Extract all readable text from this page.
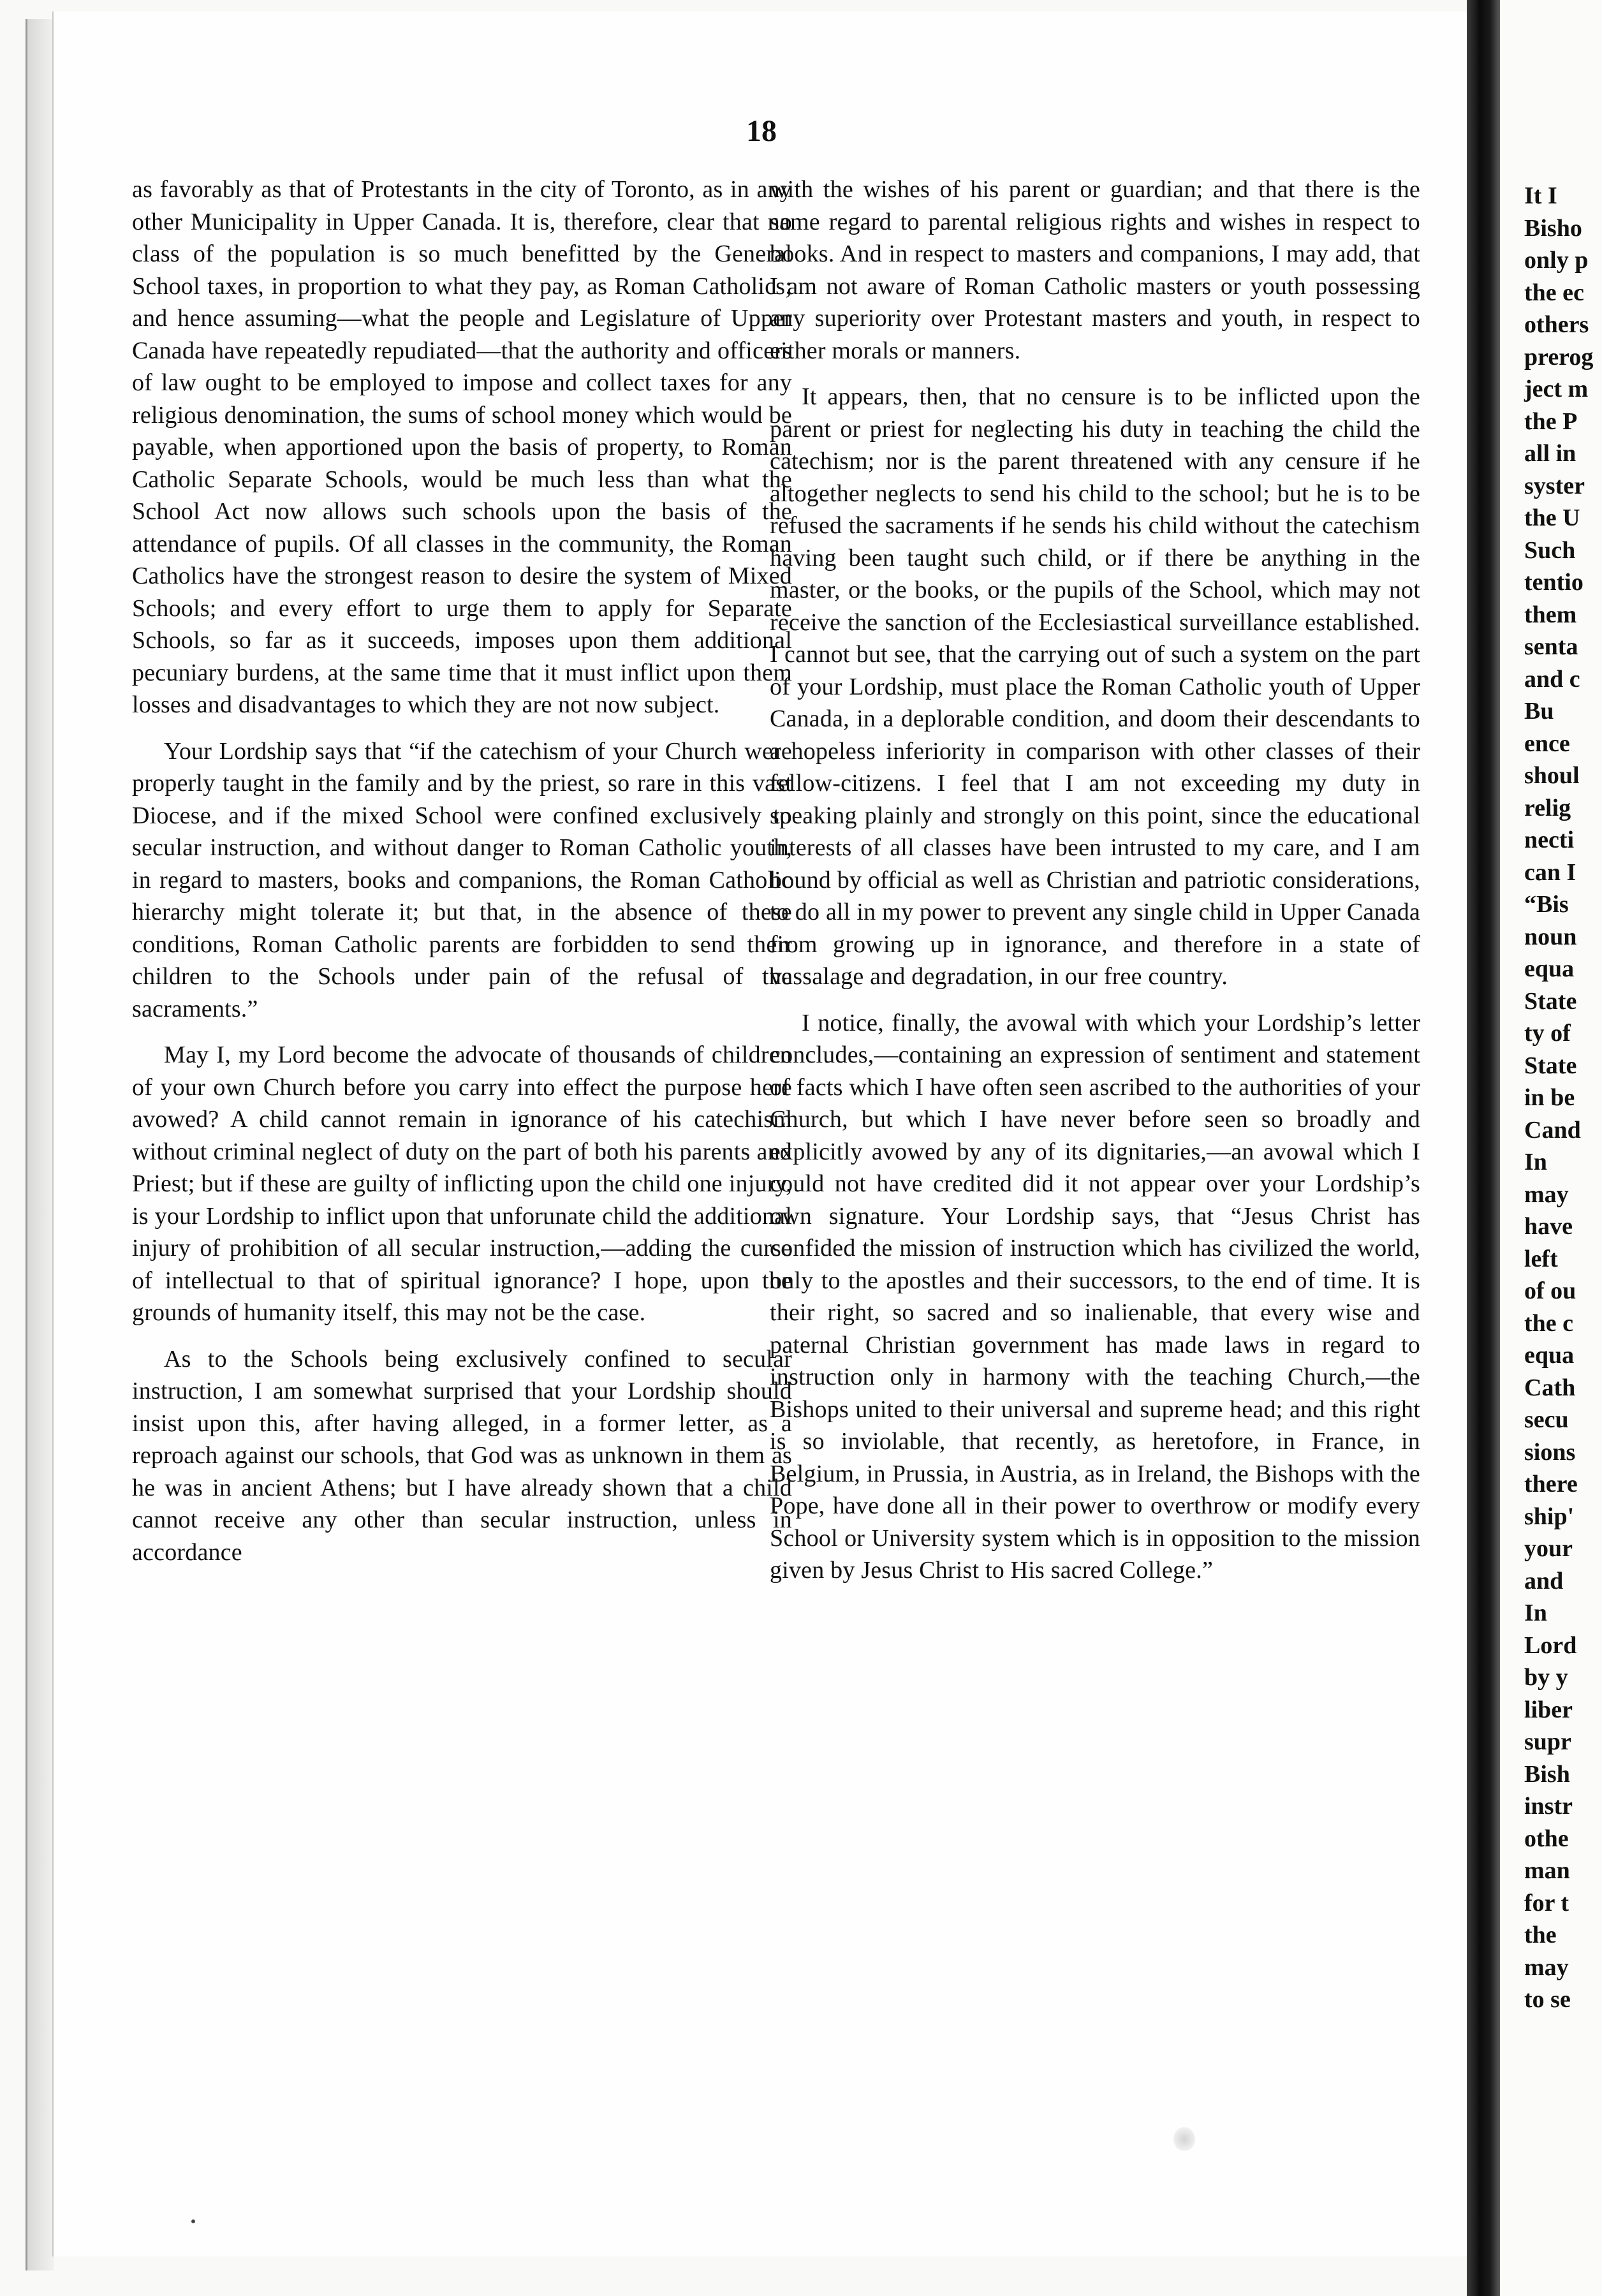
18

as favorably as that of Protestants in the city of Toronto, as in any other Municipality in Upper Canada. It is, therefore, clear that no class of the population is so much benefitted by the General School taxes, in proportion to what they pay, as Roman Catholics; and hence assuming—what the people and Legislature of Upper Canada have repeatedly repudiated—that the authority and officers of law ought to be employed to impose and collect taxes for any religious denomination, the sums of school money which would be payable, when apportioned upon the basis of property, to Roman Catholic Separate Schools, would be much less than what the School Act now allows such schools upon the basis of the attendance of pupils. Of all classes in the community, the Roman Catholics have the strongest reason to desire the system of Mixed Schools; and every effort to urge them to apply for Separate Schools, so far as it succeeds, imposes upon them additional pecuniary burdens, at the same time that it must inflict upon them losses and disadvantages to which they are not now subject.

Your Lordship says that “if the catechism of your Church were properly taught in the family and by the priest, so rare in this vast Diocese, and if the mixed School were confined exclusively to secular instruction, and without danger to Roman Catholic youth, in regard to masters, books and companions, the Roman Catholic hierarchy might tolerate it; but that, in the absence of these conditions, Roman Catholic parents are forbidden to send their children to the Schools under pain of the refusal of the sacraments.”

May I, my Lord become the advocate of thousands of children of your own Church before you carry into effect the purpose here avowed? A child cannot remain in ignorance of his catechism without criminal neglect of duty on the part of both his parents and Priest; but if these are guilty of inflicting upon the child one injury, is your Lordship to inflict upon that unforunate child the additional injury of prohibition of all secular instruction,—adding the curse of intellectual to that of spiritual ignorance? I hope, upon the grounds of humanity itself, this may not be the case.

As to the Schools being exclusively confined to secular instruction, I am somewhat surprised that your Lordship should insist upon this, after having alleged, in a former letter, as a reproach against our schools, that God was as unknown in them as he was in ancient Athens; but I have already shown that a child cannot receive any other than secular instruction, unless in accordance

with the wishes of his parent or guardian; and that there is the same regard to parental religious rights and wishes in respect to books. And in respect to masters and companions, I may add, that I am not aware of Roman Catholic masters or youth possessing any superiority over Protestant masters and youth, in respect to either morals or manners.

It appears, then, that no censure is to be inflicted upon the parent or priest for neglecting his duty in teaching the child the catechism; nor is the parent threatened with any censure if he altogether neglects to send his child to the school; but he is to be refused the sacraments if he sends his child without the catechism having been taught such child, or if there be anything in the master, or the books, or the pupils of the School, which may not receive the sanction of the Ecclesiastical surveillance established. I cannot but see, that the carrying out of such a system on the part of your Lordship, must place the Roman Catholic youth of Upper Canada, in a deplorable condition, and doom their descendants to a hopeless inferiority in comparison with other classes of their fellow-citizens. I feel that I am not exceeding my duty in speaking plainly and strongly on this point, since the educational interests of all classes have been intrusted to my care, and I am bound by official as well as Christian and patriotic considerations, to do all in my power to prevent any single child in Upper Canada from growing up in ignorance, and therefore in a state of vassalage and degradation, in our free country.

I notice, finally, the avowal with which your Lordship’s letter concludes,—containing an expression of sentiment and statement of facts which I have often seen ascribed to the authorities of your Church, but which I have never before seen so broadly and explicitly avowed by any of its dignitaries,—an avowal which I could not have credited did it not appear over your Lordship’s own signature. Your Lordship says, that “Jesus Christ has confided the mission of instruction which has civilized the world, only to the apostles and their successors, to the end of time. It is their right, so sacred and so inalienable, that every wise and paternal Christian government has made laws in regard to instruction only in harmony with the teaching Church,—the Bishops united to their universal and supreme head; and this right is so inviolable, that recently, as heretofore, in France, in Belgium, in Prussia, in Austria, as in Ireland, the Bishops with the Pope, have done all in their power to overthrow or modify every School or University system which is in opposition to the mission given by Jesus Christ to His sacred College.”

It I
Bisho
only p
the ec
others
prerog
ject m
the P
all in
syster
the U
Such
tentio
them
senta
and c
Bu
ence
shoul
relig
necti
can I
“Bis
noun
equa
State
ty of
State
in be
Cand
In
may
have
left
of ou
the c
equa
Cath
secu
sions
there
ship'
your
and
In
Lord
by y
liber
supr
Bish
instr
othe
man
for t
the
may
to se
